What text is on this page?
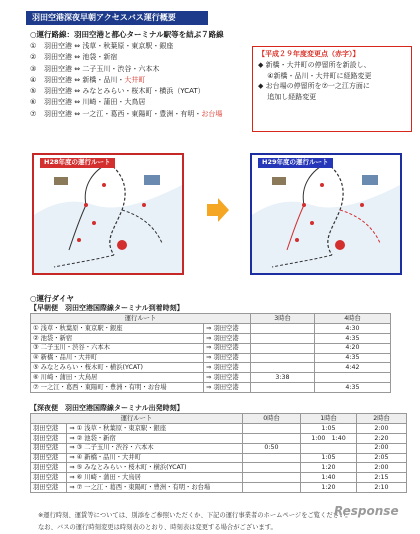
羽田空港深夜早朝アクセスバス運行概要
○運行路線：羽田空港と都心ターミナル駅等を結ぶ７路線
① 羽田空港 ⇔ 浅草・秋葉原・東京駅・銀座
② 羽田空港 ⇔ 池袋・新宿
③ 羽田空港 ⇔ 二子玉川・渋谷・六本木
④ 羽田空港 ⇔ 新橋・品川・大井町
⑤ 羽田空港 ⇔ みなとみらい・桜木町・横浜（YCAT）
⑥ 羽田空港 ⇔ 川崎・蒲田・大鳥居
⑦ 羽田空港 ⇔ 一之江・葛西・東陽町・豊洲・有明・お台場
【平成２９年度変更点（赤字）】
◆ 新橋・大井町の停留所を新設し、
　 ④新橋・品川・大井町に経路変更
◆ お台場の停留所を⑦一之江方面に
　 追加し経路変更
H28年度の運行ルート	H29年度の運行ルート
○運行ダイヤ
【早朝便　羽田空港国際線ターミナル到着時刻】
運行ルート		3時台	4時台
① 浅草・秋葉原・東京駅・銀座	⇒ 羽田空港		4:30
② 池袋・新宿	⇒ 羽田空港		4:35
③ 二子玉川・渋谷・六本木	⇒ 羽田空港		4:20
④ 新橋・品川・大井町	⇒ 羽田空港		4:35
⑤ みなとみらい・桜木町・横浜(YCAT)	⇒ 羽田空港		4:42
⑥ 川崎・蒲田・大鳥居	⇒ 羽田空港	3:38	
⑦ 一之江・葛西・東陽町・豊洲・有明・お台場	⇒ 羽田空港		4:35
【深夜便　羽田空港国際線ターミナル出発時刻】
運行ルート		0時台	1時台	2時台
羽田空港	⇒ ① 浅草・秋葉原・東京駅・銀座		1:05	2:00
羽田空港	⇒ ② 池袋・新宿		1:00　1:40	2:20
羽田空港	⇒ ③ 二子玉川・渋谷・六本木	0:50		2:00
羽田空港	⇒ ④ 新橋・品川・大井町		1:05	2:05
羽田空港	⇒ ⑤ みなとみらい・桜木町・横浜(YCAT)		1:20	2:00
羽田空港	⇒ ⑥ 川崎・蒲田・大鳥居		1:40	2:15
羽田空港	⇒ ⑦ 一之江・葛西・東陽町・豊洲・有明・お台場		1:20	2:10
※運行時刻、運賃等については、別添をご参照いただくか、下記の運行事業者のホームページをご覧ください。
なお、バスの運行時刻変更は時刻表のとおり、時刻表は変更する場合がございます。
Response
